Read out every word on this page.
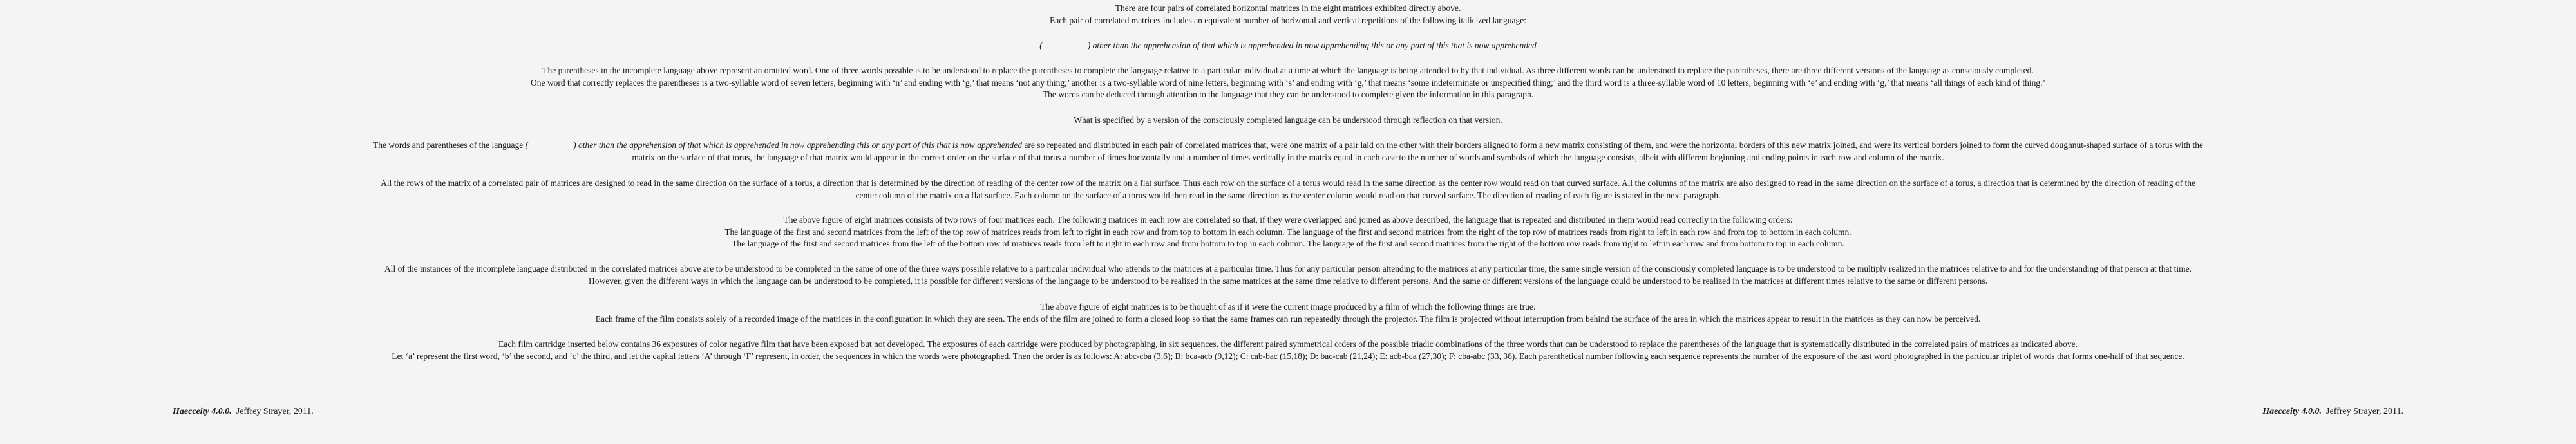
There are four pairs of correlated horizontal matrices in the eight matrices exhibited directly above.

Each pair of correlated matrices includes an equivalent number of horizontal and vertical repetitions of the following italicized language:

(	) other than the apprehension of that which is apprehended in now apprehending this or any part of this that is now apprehended

The parentheses in the incomplete language above represent an omitted word. One of three words possible is to be understood to replace the parentheses to complete the language relative to a particular individual at a time at which the language is being attended to by that individual. As three different words can be understood to replace the parentheses, there are three different versions of the language as consciously completed.

One word that correctly replaces the parentheses is a two-syllable word of seven letters, beginning with ‘n’ and ending with ‘g,’ that means ‘not any thing;’ another is a two-syllable word of nine letters, beginning with ‘s’ and ending with ‘g,’ that means ‘some indeterminate or unspecified thing;’ and the third word is a three-syllable word of 10 letters, beginning with ‘e’ and ending with ‘g,’ that means ‘all things of each kind of thing.’

The words can be deduced through attention to the language that they can be understood to complete given the information in this paragraph.

What is specified by a version of the consciously completed language can be understood through reflection on that version.

The words and parentheses of the language (	) other than the apprehension of that which is apprehended in now apprehending this or any part of this that is now apprehended are so repeated and distributed in each pair of correlated matrices that, were one matrix of a pair laid on the other with their borders aligned to form a new matrix consisting of them, and were the horizontal borders of this new matrix joined, and were its vertical borders joined to form the curved doughnut-shaped surface of a torus with the

matrix on the surface of that torus, the language of that matrix would appear in the correct order on the surface of that torus a number of times horizontally and a number of times vertically in the matrix equal in each case to the number of words and symbols of which the language consists, albeit with different beginning and ending points in each row and column of the matrix.

All the rows of the matrix of a correlated pair of matrices are designed to read in the same direction on the surface of a torus, a direction that is determined by the direction of reading of the center row of the matrix on a flat surface. Thus each row on the surface of a torus would read in the same direction as the center row would read on that curved surface. All the columns of the matrix are also designed to read in the same direction on the surface of a torus, a direction that is determined by the direction of reading of the

center column of the matrix on a flat surface. Each column on the surface of a torus would then read in the same direction as the center column would read on that curved surface. The direction of reading of each figure is stated in the next paragraph.

The above figure of eight matrices consists of two rows of four matrices each. The following matrices in each row are correlated so that, if they were overlapped and joined as above described, the language that is repeated and distributed in them would read correctly in the following orders:

The language of the first and second matrices from the left of the top row of matrices reads from left to right in each row and from top to bottom in each column. The language of the first and second matrices from the right of the top row of matrices reads from right to left in each row and from top to bottom in each column.

The language of the first and second matrices from the left of the bottom row of matrices reads from left to right in each row and from bottom to top in each column. The language of the first and second matrices from the right of the bottom row reads from right to left in each row and from bottom to top in each column.

All of the instances of the incomplete language distributed in the correlated matrices above are to be understood to be completed in the same of one of the three ways possible relative to a particular individual who attends to the matrices at a particular time. Thus for any particular person attending to the matrices at any particular time, the same single version of the consciously completed language is to be understood to be multiply realized in the matrices relative to and for the understanding of that person at that time.

However, given the different ways in which the language can be understood to be completed, it is possible for different versions of the language to be understood to be realized in the same matrices at the same time relative to different persons. And the same or different versions of the language could be understood to be realized in the matrices at different times relative to the same or different persons.

The above figure of eight matrices is to be thought of as if it were the current image produced by a film of which the following things are true:

Each frame of the film consists solely of a recorded image of the matrices in the configuration in which they are seen. The ends of the film are joined to form a closed loop so that the same frames can run repeatedly through the projector. The film is projected without interruption from behind the surface of the area in which the matrices appear to result in the matrices as they can now be perceived.

Each film cartridge inserted below contains 36 exposures of color negative film that have been exposed but not developed. The exposures of each cartridge were produced by photographing, in six sequences, the different paired symmetrical orders of the possible triadic combinations of the three words that can be understood to replace the parentheses of the language that is systematically distributed in the correlated pairs of matrices as indicated above.

Let ‘a’ represent the first word, ‘b’ the second, and ‘c’ the third, and let the capital letters ‘A’ through ‘F’ represent, in order, the sequences in which the words were photographed. Then the order is as follows: A: abc-cba (3,6); B: bca-acb (9,12); C: cab-bac (15,18); D: bac-cab (21,24); E: acb-bca (27,30); F: cba-abc (33, 36). Each parenthetical number following each sequence represents the number of the exposure of the last word photographed in the particular triplet of words that forms one-half of that sequence.

Haecceity 4.0.0. Jeffrey Strayer, 2011.	Haecceity 4.0.0. Jeffrey Strayer, 2011.
